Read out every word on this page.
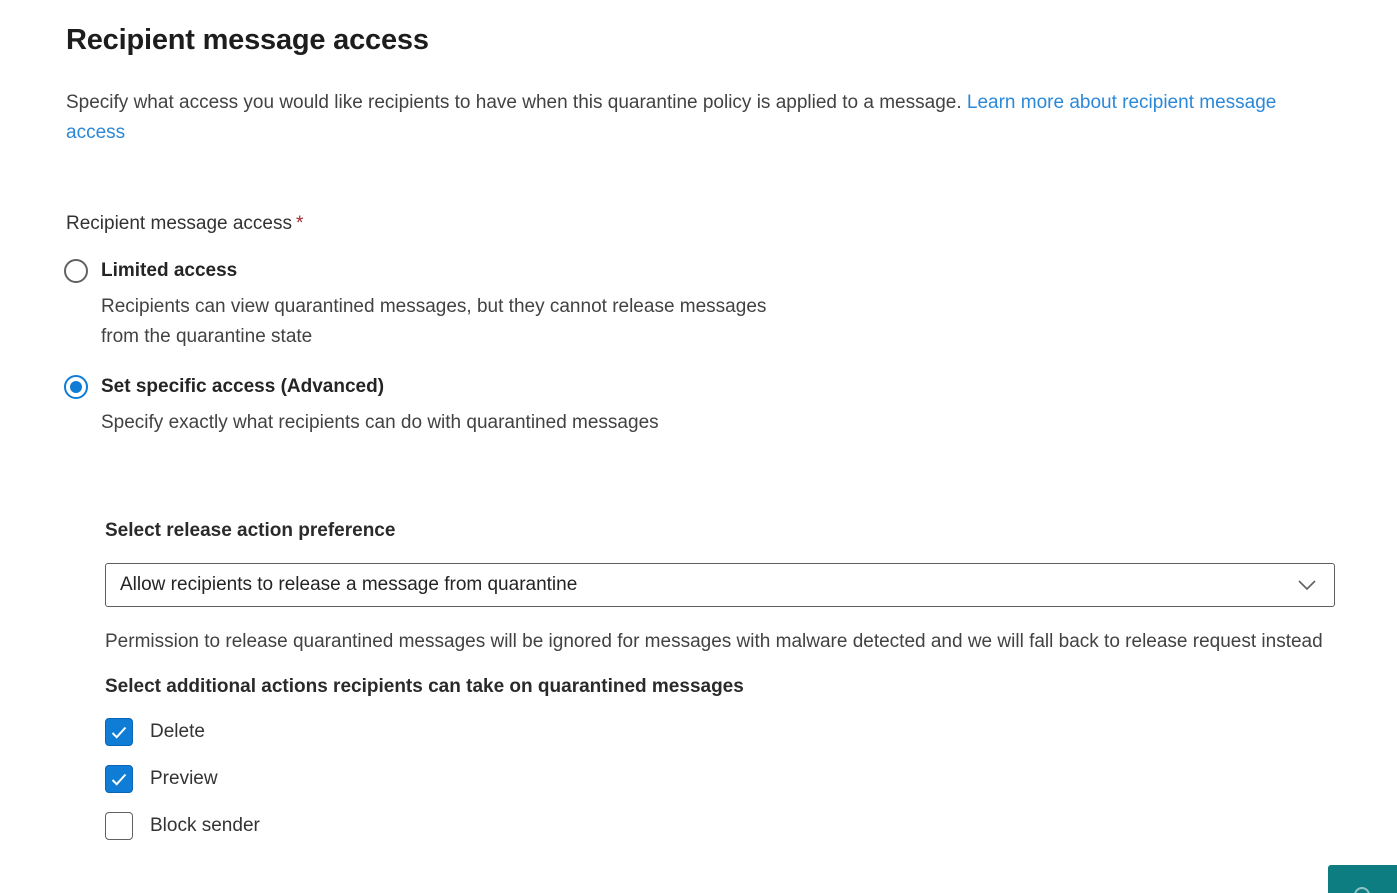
Recipient message access

Specify what access you would like recipients to have when this quarantine policy is applied to a message. Learn more about recipient message access

Recipient message access *
Limited access
Recipients can view quarantined messages, but they cannot release messages
from the quarantine state
Set specific access (Advanced)
Specify exactly what recipients can do with quarantined messages
Select release action preference
Allow recipients to release a message from quarantine

Permission to release quarantined messages will be ignored for messages with malware detected and we will fall back to release request instead

Select additional actions recipients can take on quarantined messages
Delete
Preview
Block sender
